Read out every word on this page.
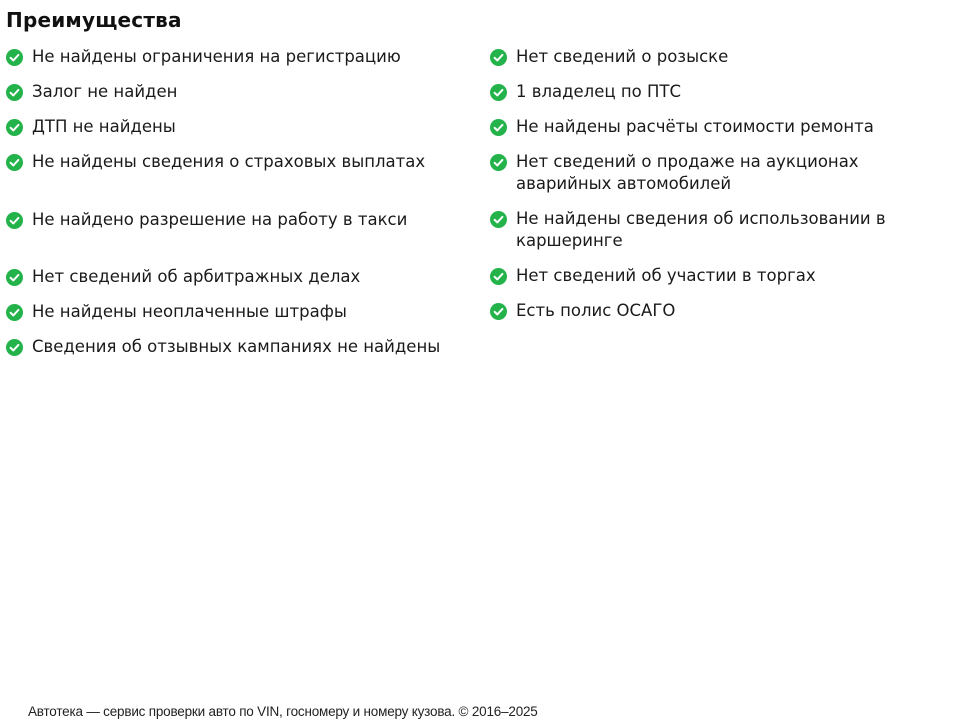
Преимущества
Не найдены ограничения на регистрацию
Залог не найден
ДТП не найдены
Не найдены сведения о страховых выплатах
Не найдено разрешение на работу в такси
Нет сведений об арбитражных делах
Не найдены неоплаченные штрафы
Сведения об отзывных кампаниях не найдены
Нет сведений о розыске
1 владелец по ПТС
Не найдены расчёты стоимости ремонта
Нет сведений о продаже на аукционах аварийных автомобилей
Не найдены сведения об использовании в каршеринге
Нет сведений об участии в торгах
Есть полис ОСАГО
Автотека — сервис проверки авто по VIN, госномеру и номеру кузова. © 2016–2025
